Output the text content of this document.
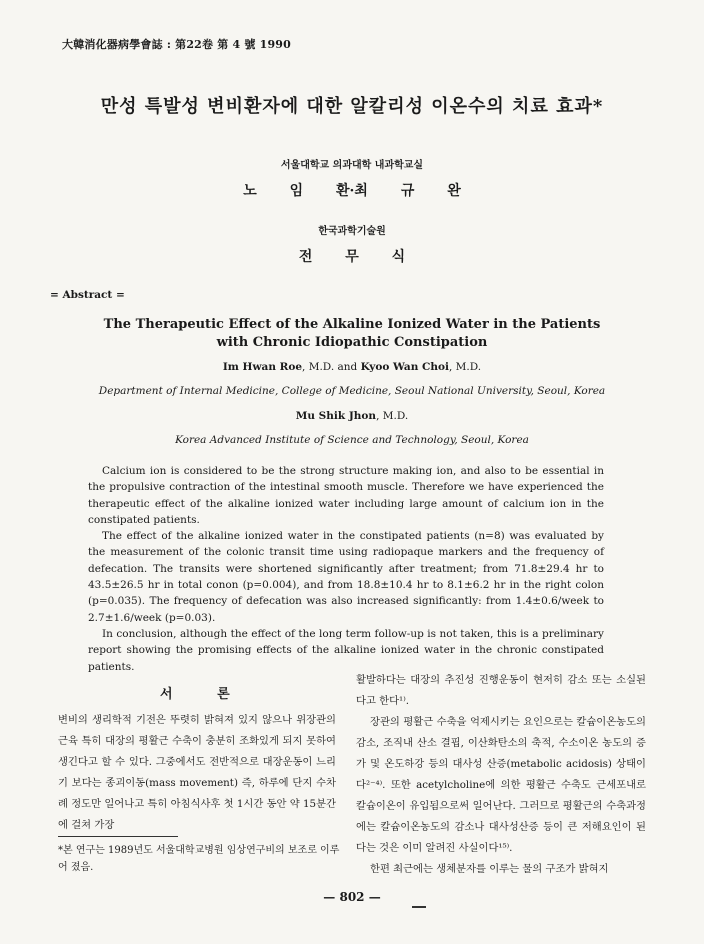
大韓消化器病學會誌 : 第22卷 第 4 號 1990
만성 특발성 변비환자에 대한 알칼리성 이온수의 치료 효과*
서울대학교 의과대학 내과학교실
노 임 환·최 규 완
한국과학기술원
전 무 식
= Abstract =
The Therapeutic Effect of the Alkaline Ionized Water in the Patients
with Chronic Idiopathic Constipation
Im Hwan Roe, M.D. and Kyoo Wan Choi, M.D.
Department of Internal Medicine, College of Medicine, Seoul National University, Seoul, Korea
Mu Shik Jhon, M.D.
Korea Advanced Institute of Science and Technology, Seoul, Korea

Calcium ion is considered to be the strong structure making ion, and also to be essential in the propulsive contraction of the intestinal smooth muscle. Therefore we have experienced the therapeutic effect of the alkaline ionized water including large amount of calcium ion in the constipated patients.

The effect of the alkaline ionized water in the constipated patients (n=8) was evaluated by the measurement of the colonic transit time using radiopaque markers and the frequency of defecation. The transits were shortened significantly after treatment; from 71.8±29.4 hr to 43.5±26.5 hr in total conon (p=0.004), and from 18.8±10.4 hr to 8.1±6.2 hr in the right colon (p=0.035). The frequency of defecation was also increased significantly: from 1.4±0.6/week to 2.7±1.6/week (p=0.03).

In conclusion, although the effect of the long term follow-up is not taken, this is a preliminary report showing the promising effects of the alkaline ionized water in the chronic constipated patients.

서 론

변비의 생리학적 기전은 뚜렷히 밝혀져 있지 않으나 위장관의 근육 특히 대장의 평활근 수축이 충분히 조화있게 되지 못하여 생긴다고 할 수 있다. 그중에서도 전반적으로 대장운동이 느리기 보다는 종괴이동(mass movement) 즉, 하루에 단지 수차례 정도만 일어나고 특히 아침식사후 첫 1시간 동안 약 15분간에 걸쳐 가장

활발하다는 대장의 추진성 진행운동이 현저히 감소 또는 소실된다고 한다¹⁾.

장관의 평활근 수축을 억제시키는 요인으로는 칼슘이온농도의 감소, 조직내 산소 결핍, 이산화탄소의 축적, 수소이온 농도의 증가 및 온도하강 등의 대사성 산증(metabolic acidosis) 상태이다²⁻⁴⁾. 또한 acetylcholine에 의한 평활근 수축도 근세포내로 칼슘이온이 유입됨으로써 일어난다. 그러므로 평활근의 수축과정에는 칼슘이온농도의 감소나 대사성산증 등이 큰 저해요인이 된다는 것은 이미 알려진 사실이다¹⁵⁾.

한편 최근에는 생체분자를 이루는 물의 구조가 밝혀지

*본 연구는 1989년도 서울대학교병원 임상연구비의 보조로 이루어 졌음.
— 802 —
